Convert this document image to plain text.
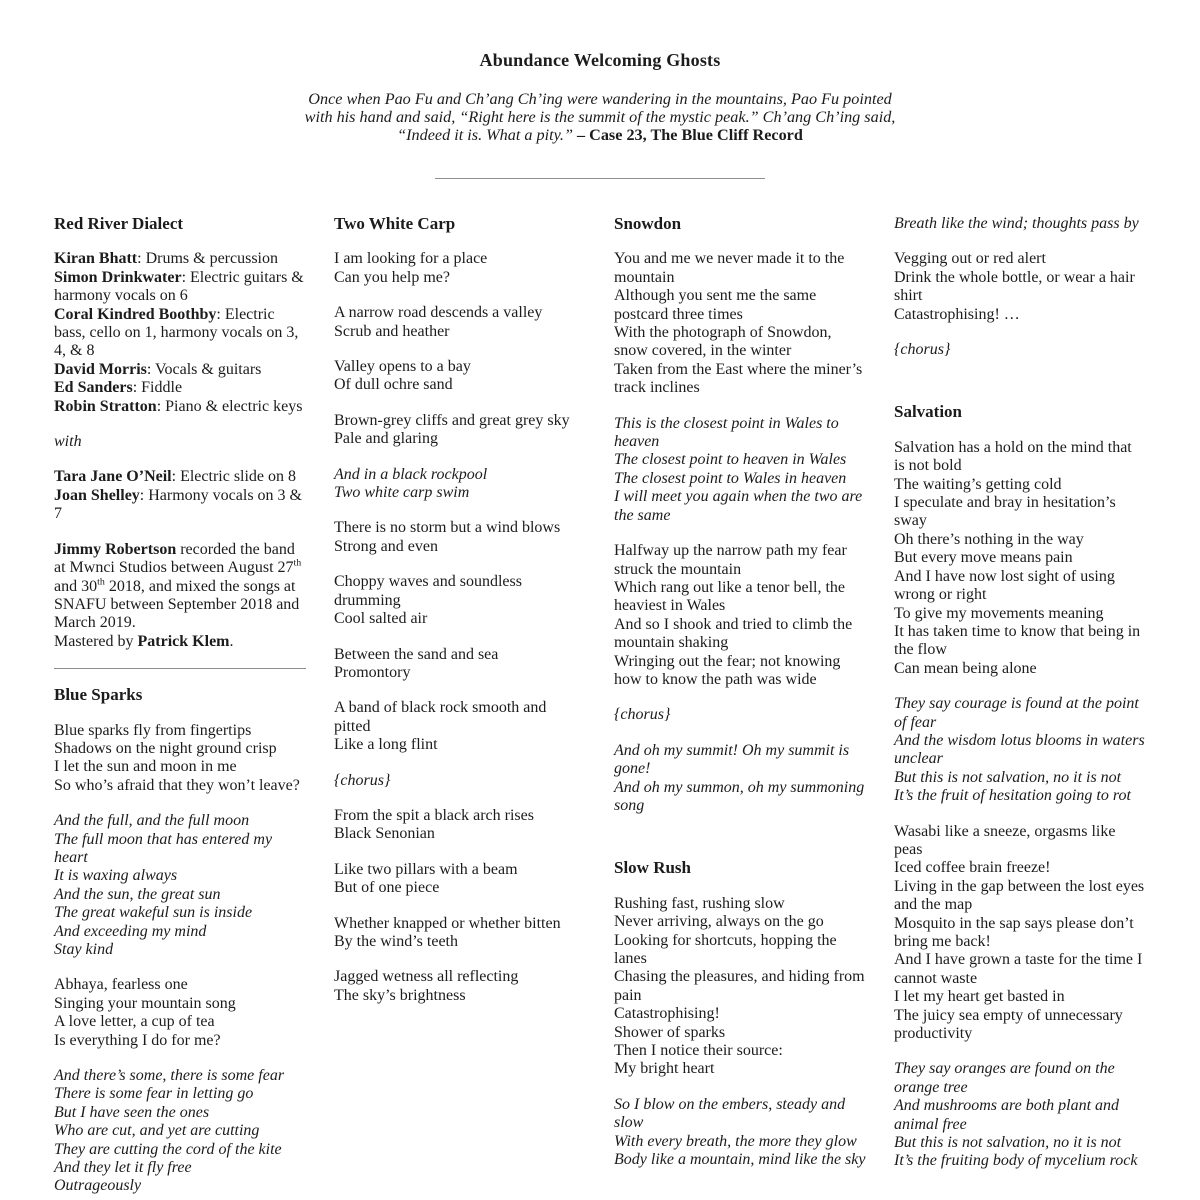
Abundance Welcoming Ghosts
Once when Pao Fu and Ch’ang Ch’ing were wandering in the mountains, Pao Fu pointed
with his hand and said, “Right here is the summit of the mystic peak.” Ch’ang Ch’ing said,
“Indeed it is. What a pity.” – Case 23, The Blue Cliff Record
Red River Dialect
Kiran Bhatt: Drums & percussion
Simon Drinkwater: Electric guitars & harmony vocals on 6
Coral Kindred Boothby: Electric bass, cello on 1, harmony vocals on 3, 4, & 8
David Morris: Vocals & guitars
Ed Sanders: Fiddle
Robin Stratton: Piano & electric keys
with
Tara Jane O’Neil: Electric slide on 8
Joan Shelley: Harmony vocals on 3 & 7
Jimmy Robertson recorded the band at Mwnci Studios between August 27th and 30th 2018, and mixed the songs at SNAFU between September 2018 and March 2019.
Mastered by Patrick Klem.
Blue Sparks
Blue sparks fly from fingertips
Shadows on the night ground crisp
I let the sun and moon in me
So who’s afraid that they won’t leave?
And the full, and the full moon
The full moon that has entered my heart
It is waxing always
And the sun, the great sun
The great wakeful sun is inside
And exceeding my mind
Stay kind
Abhaya, fearless one
Singing your mountain song
A love letter, a cup of tea
Is everything I do for me?
And there’s some, there is some fear
There is some fear in letting go
But I have seen the ones
Who are cut, and yet are cutting
They are cutting the cord of the kite
And they let it fly free
Outrageously
Two White Carp
I am looking for a place
Can you help me?
A narrow road descends a valley
Scrub and heather
Valley opens to a bay
Of dull ochre sand
Brown-grey cliffs and great grey sky
Pale and glaring
And in a black rockpool
Two white carp swim
There is no storm but a wind blows
Strong and even
Choppy waves and soundless drumming
Cool salted air
Between the sand and sea
Promontory
A band of black rock smooth and pitted
Like a long flint
{chorus}
From the spit a black arch rises
Black Senonian
Like two pillars with a beam
But of one piece
Whether knapped or whether bitten
By the wind’s teeth
Jagged wetness all reflecting
The sky’s brightness
Snowdon
You and me we never made it to the mountain
Although you sent me the same postcard three times
With the photograph of Snowdon, snow covered, in the winter
Taken from the East where the miner’s track inclines
This is the closest point in Wales to heaven
The closest point to heaven in Wales
The closest point to Wales in heaven
I will meet you again when the two are the same
Halfway up the narrow path my fear struck the mountain
Which rang out like a tenor bell, the heaviest in Wales
And so I shook and tried to climb the mountain shaking
Wringing out the fear; not knowing how to know the path was wide
{chorus}
And oh my summit! Oh my summit is gone!
And oh my summon, oh my summoning song
Slow Rush
Rushing fast, rushing slow
Never arriving, always on the go
Looking for shortcuts, hopping the lanes
Chasing the pleasures, and hiding from pain
Catastrophising!
Shower of sparks
Then I notice their source:
My bright heart
So I blow on the embers, steady and slow
With every breath, the more they glow
Body like a mountain, mind like the sky
Breath like the wind; thoughts pass by
Vegging out or red alert
Drink the whole bottle, or wear a hair shirt
Catastrophising! …
{chorus}
Salvation
Salvation has a hold on the mind that is not bold
The waiting’s getting cold
I speculate and bray in hesitation’s sway
Oh there’s nothing in the way
But every move means pain
And I have now lost sight of using wrong or right
To give my movements meaning
It has taken time to know that being in the flow
Can mean being alone
They say courage is found at the point of fear
And the wisdom lotus blooms in waters unclear
But this is not salvation, no it is not
It’s the fruit of hesitation going to rot
Wasabi like a sneeze, orgasms like peas
Iced coffee brain freeze!
Living in the gap between the lost eyes and the map
Mosquito in the sap says please don’t bring me back!
And I have grown a taste for the time I cannot waste
I let my heart get basted in
The juicy sea empty of unnecessary productivity
They say oranges are found on the orange tree
And mushrooms are both plant and animal free
But this is not salvation, no it is not
It’s the fruiting body of mycelium rock
